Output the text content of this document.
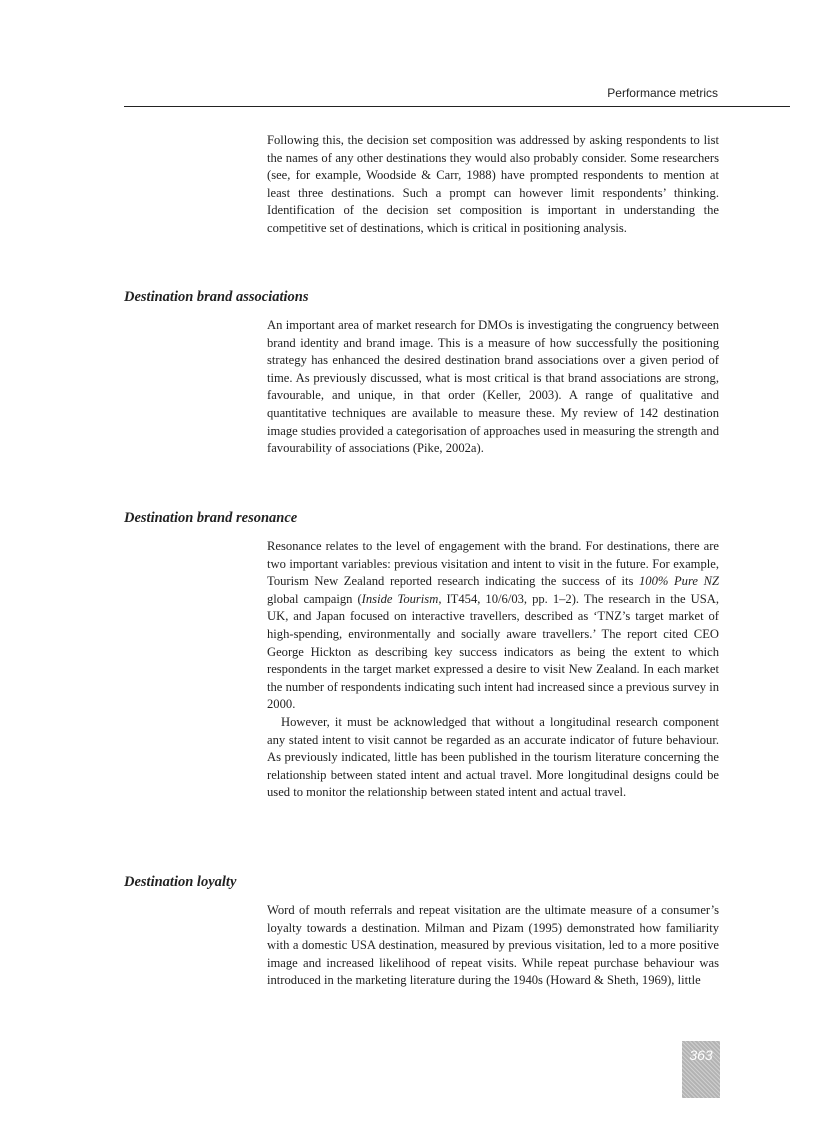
Performance metrics

Following this, the decision set composition was addressed by asking respondents to list the names of any other destinations they would also probably consider. Some researchers (see, for example, Woodside & Carr, 1988) have prompted respondents to mention at least three destinations. Such a prompt can however limit respondents’ thinking. Identification of the decision set composition is important in understanding the competitive set of destinations, which is critical in positioning analysis.

Destination brand associations

An important area of market research for DMOs is investigating the congruency between brand identity and brand image. This is a measure of how successfully the positioning strategy has enhanced the desired destination brand associations over a given period of time. As previously discussed, what is most critical is that brand associations are strong, favourable, and unique, in that order (Keller, 2003). A range of qualitative and quantitative techniques are available to measure these. My review of 142 destination image studies provided a categorisation of approaches used in measuring the strength and favourability of associations (Pike, 2002a).

Destination brand resonance

Resonance relates to the level of engagement with the brand. For destinations, there are two important variables: previous visitation and intent to visit in the future. For example, Tourism New Zealand reported research indicating the success of its 100% Pure NZ global campaign (Inside Tourism, IT454, 10/6/03, pp. 1–2). The research in the USA, UK, and Japan focused on interactive travellers, described as ‘TNZ’s target market of high-spending, environmentally and socially aware travellers.’ The report cited CEO George Hickton as describing key success indicators as being the extent to which respondents in the target market expressed a desire to visit New Zealand. In each market the number of respondents indicating such intent had increased since a previous survey in 2000.

However, it must be acknowledged that without a longitudinal research component any stated intent to visit cannot be regarded as an accurate indicator of future behaviour. As previously indicated, little has been published in the tourism literature concerning the relationship between stated intent and actual travel. More longitudinal designs could be used to monitor the relationship between stated intent and actual travel.

Destination loyalty

Word of mouth referrals and repeat visitation are the ultimate measure of a consumer’s loyalty towards a destination. Milman and Pizam (1995) demonstrated how familiarity with a domestic USA destination, measured by previous visitation, led to a more positive image and increased likelihood of repeat visits. While repeat purchase behaviour was introduced in the marketing literature during the 1940s (Howard & Sheth, 1969), little

363
